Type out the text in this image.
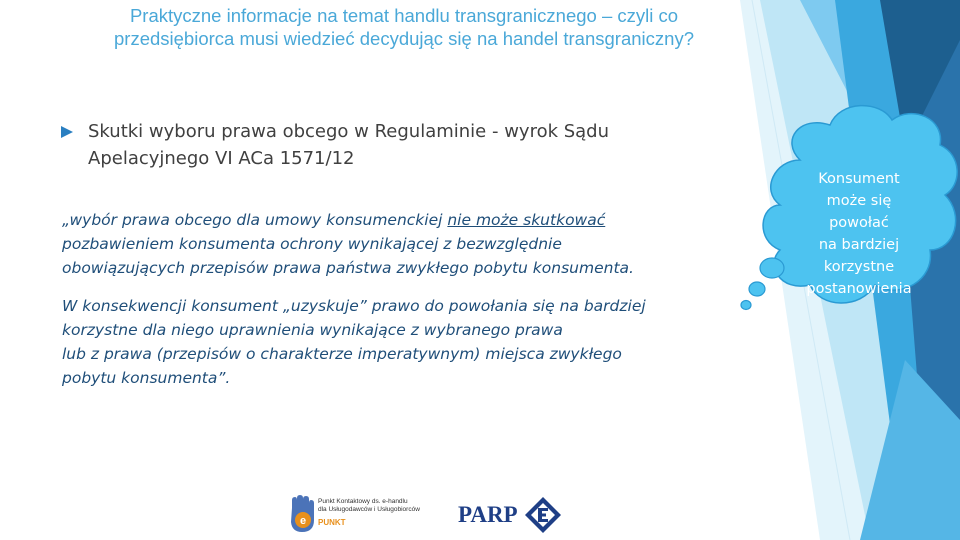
Praktyczne informacje na temat handlu transgranicznego – czyli co
przedsiębiorca musi wiedzieć decydując się na handel transgraniczny?
Skutki wyboru prawa obcego w Regulaminie - wyrok Sądu
Apelacyjnego VI ACa 1571/12
„wybór prawa obcego dla umowy konsumenckiej nie może skutkować
pozbawieniem konsumenta ochrony wynikającej z bezwzględnie
obowiązujących przepisów prawa państwa zwykłego pobytu konsumenta.
W konsekwencji konsument „uzyskuje” prawo do powołania się na bardziej
korzystne dla niego uprawnienia wynikające z wybranego prawa
lub z prawa (przepisów o charakterze imperatywnym) miejsca zwykłego
pobytu konsumenta”.
Konsument
może się
powołać
na bardziej
korzystne
postanowienia
e
Punkt Kontaktowy ds. e-handlu
dla Usługodawców i Usługobiorców
PUNKT	PARP
